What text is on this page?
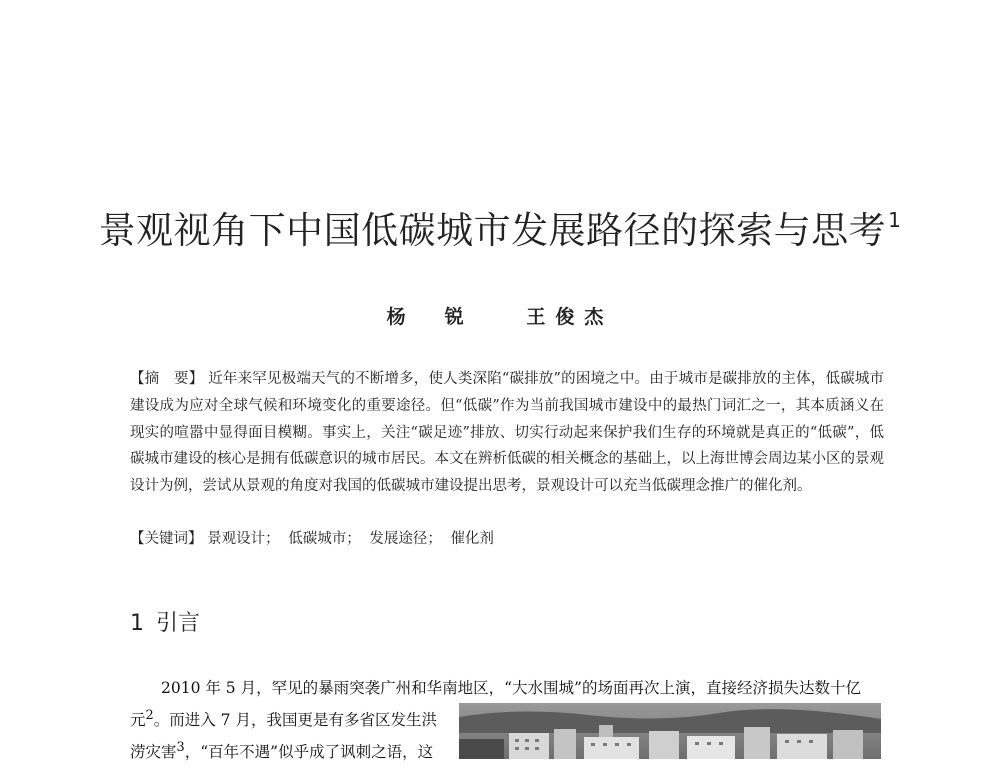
景观视角下中国低碳城市发展路径的探索与思考 $^1$
杨　锐	王俊杰
【摘　要】 近年来罕见极端天气的不断增多，使人类深陷“碳排放”的困境之中。由于城市是碳排放的主体，低碳城市建设成为应对全球气候和环境变化的重要途径。但“低碳”作为当前我国城市建设中的最热门词汇之一，其本质涵义在现实的喧嚣中显得面目模糊。事实上，关注“碳足迹”排放、切实行动起来保护我们生存的环境就是真正的“低碳”，低碳城市建设的核心是拥有低碳意识的城市居民。本文在辨析低碳的相关概念的基础上，以上海世博会周边某小区的景观设计为例，尝试从景观的角度对我国的低碳城市建设提出思考，景观设计可以充当低碳理念推广的催化剂。
【关键词】 景观设计； 低碳城市； 发展途径； 催化剂
1 引言
2010 年 5 月，罕见的暴雨突袭广州和华南地区，“大水围城”的场面再次上演，直接经济损失达数十亿
元$^2$。而进入 7 月，我国更是有多省区发生洪
涝灾害$^3$，“百年不遇”似乎成了讽刺之语，这
